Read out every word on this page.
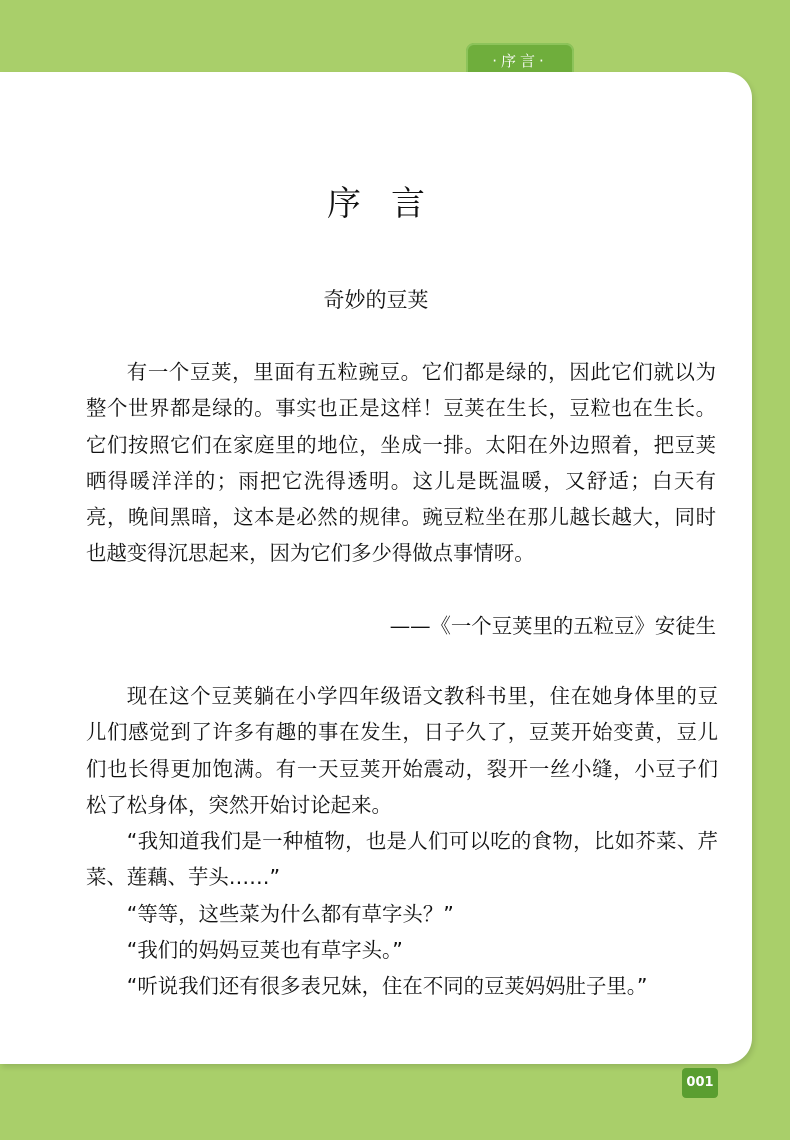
·序言·
序言
奇妙的豆荚
有一个豆荚，里面有五粒豌豆。它们都是绿的，因此它们就以为整个世界都是绿的。事实也正是这样！豆荚在生长，豆粒也在生长。它们按照它们在家庭里的地位，坐成一排。太阳在外边照着，把豆荚晒得暖洋洋的；雨把它洗得透明。这儿是既温暖，又舒适；白天有亮，晚间黑暗，这本是必然的规律。豌豆粒坐在那儿越长越大，同时也越变得沉思起来，因为它们多少得做点事情呀。
——《一个豆荚里的五粒豆》安徒生

现在这个豆荚躺在小学四年级语文教科书里，住在她身体里的豆儿们感觉到了许多有趣的事在发生，日子久了，豆荚开始变黄，豆儿们也长得更加饱满。有一天豆荚开始震动，裂开一丝小缝，小豆子们松了松身体，突然开始讨论起来。

“我知道我们是一种植物，也是人们可以吃的食物，比如芥菜、芹菜、莲藕、芋头……”

“等等，这些菜为什么都有草字头？”

“我们的妈妈豆荚也有草字头。”

“听说我们还有很多表兄妹，住在不同的豆荚妈妈肚子里。”

001
